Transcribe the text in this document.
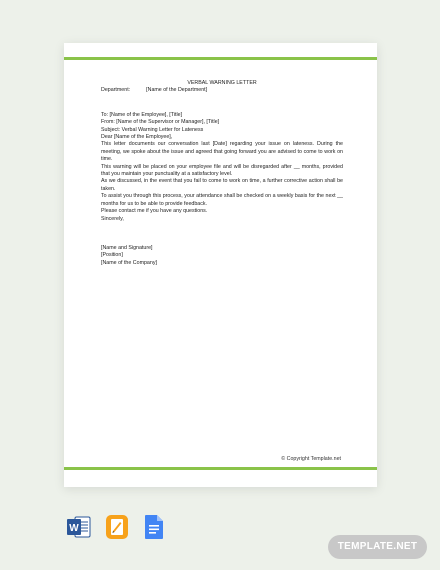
VERBAL WARNING LETTER

Department:	[Name of the Department]

To: [Name of the Employee], [Title]

From: [Name of the Supervisor or Manager], [Title]

Subject: Verbal Warning Letter for Lateness

Dear [Name of the Employee],

This letter documents our conversation last [Date] regarding your issue on lateness. During the meeting, we spoke about the issue and agreed that going forward you are advised to come to work on time.

This warning will be placed on your employee file and will be disregarded after __ months, provided that you maintain your punctuality at a satisfactory level.

As we discussed, in the event that you fail to come to work on time, a further corrective action shall be taken.

To assist you through this process, your attendance shall be checked on a weekly basis for the next __ months for us to be able to provide feedback.

Please contact me if you have any questions.

Sincerely,

[Name and Signature]

[Position]

[Name of the Company]

© Copyright Template.net
W
TEMPLATE.NET
